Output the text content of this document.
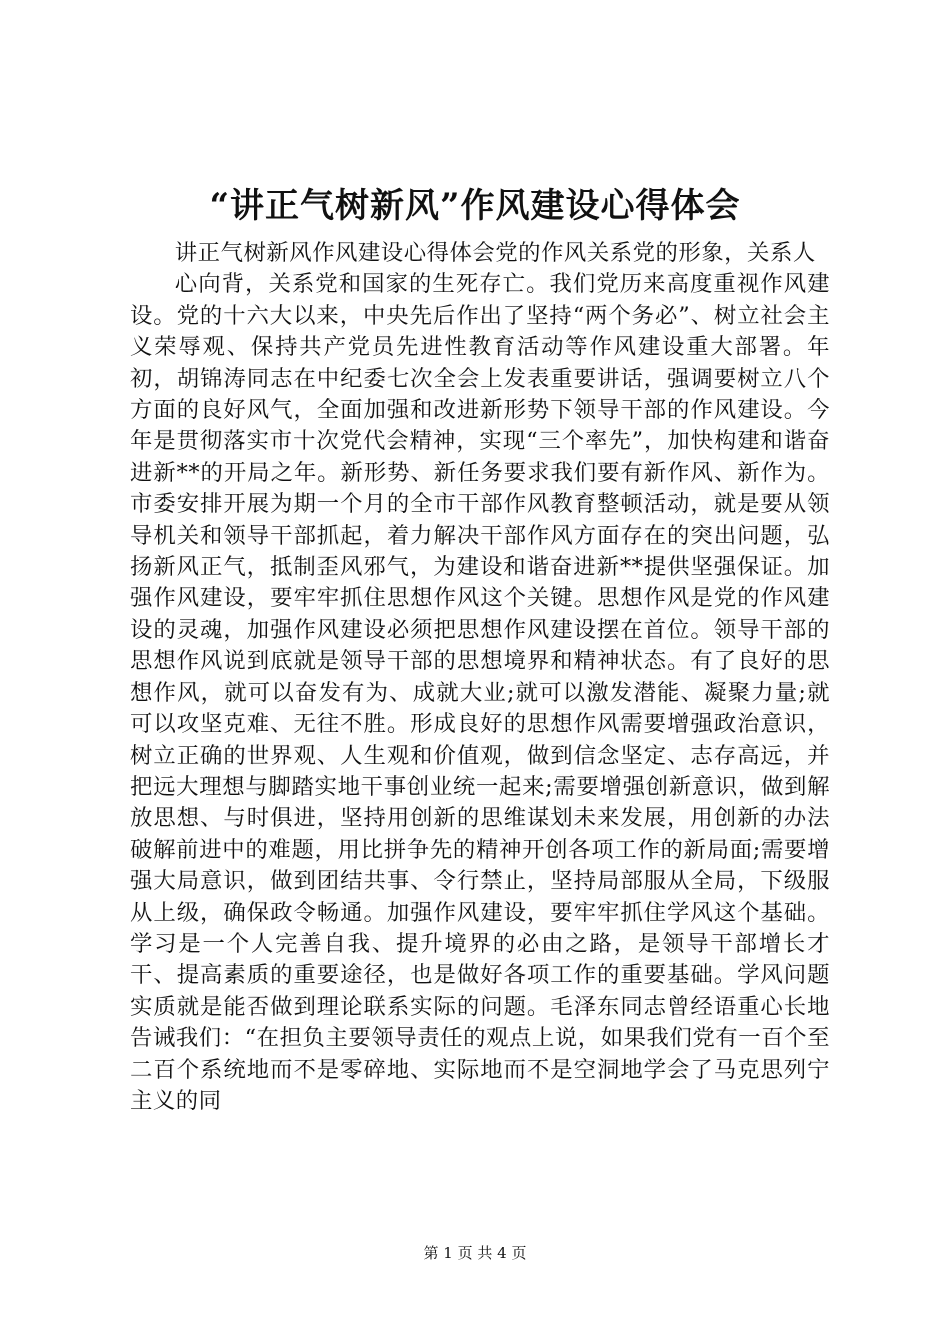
“讲正气树新风”作风建设心得体会

讲正气树新风作风建设心得体会党的作风关系党的形象，关系人

心向背，关系党和国家的生死存亡。我们党历来高度重视作风建设。党的十六大以来，中央先后作出了坚持“两个务必”、树立社会主义荣辱观、保持共产党员先进性教育活动等作风建设重大部署。年初，胡锦涛同志在中纪委七次全会上发表重要讲话，强调要树立八个方面的良好风气，全面加强和改进新形势下领导干部的作风建设。今年是贯彻落实市十次党代会精神，实现“三个率先”，加快构建和谐奋进新**的开局之年。新形势、新任务要求我们要有新作风、新作为。市委安排开展为期一个月的全市干部作风教育整顿活动，就是要从领导机关和领导干部抓起，着力解决干部作风方面存在的突出问题，弘扬新风正气，抵制歪风邪气，为建设和谐奋进新**提供坚强保证。加强作风建设，要牢牢抓住思想作风这个关键。思想作风是党的作风建设的灵魂，加强作风建设必须把思想作风建设摆在首位。领导干部的思想作风说到底就是领导干部的思想境界和精神状态。有了良好的思想作风，就可以奋发有为、成就大业;就可以激发潜能、凝聚力量;就可以攻坚克难、无往不胜。形成良好的思想作风需要增强政治意识，树立正确的世界观、人生观和价值观，做到信念坚定、志存高远，并把远大理想与脚踏实地干事创业统一起来;需要增强创新意识，做到解放思想、与时俱进，坚持用创新的思维谋划未来发展，用创新的办法破解前进中的难题，用比拼争先的精神开创各项工作的新局面;需要增强大局意识，做到团结共事、令行禁止，坚持局部服从全局，下级服从上级，确保政令畅通。加强作风建设，要牢牢抓住学风这个基础。学习是一个人完善自我、提升境界的必由之路，是领导干部增长才干、提高素质的重要途径，也是做好各项工作的重要基础。学风问题实质就是能否做到理论联系实际的问题。毛泽东同志曾经语重心长地告诫我们：“在担负主要领导责任的观点上说，如果我们党有一百个至二百个系统地而不是零碎地、实际地而不是空洞地学会了马克思列宁主义的同

第 1 页 共 4 页
